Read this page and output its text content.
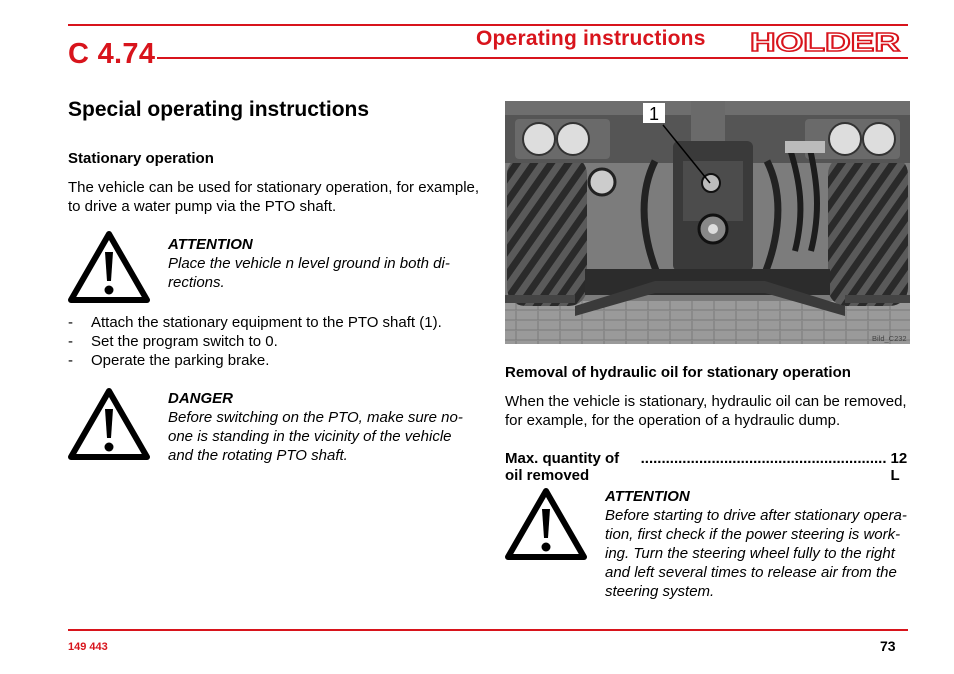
C 4.74	Operating instructions HOLDER
Special operating instructions
Stationary operation
The vehicle can be used for stationary operation, for example,
to drive a water pump via the PTO shaft.
ATTENTION
Place the vehicle n level ground in both di-
rections.
- Attach the stationary equipment to the PTO shaft (1).
- Set the program switch to 0.
- Operate the parking brake.
DANGER
Before switching on the PTO, make sure no-
one is standing in the vicinity of the vehicle
and the rotating PTO shaft.
1
Bild_C232
Removal of hydraulic oil for stationary operation
When the vehicle is stationary, hydraulic oil can be removed,
for example, for the operation of a hydraulic dump.
Max. quantity of oil removed
........................................................... 12 L
ATTENTION
Before starting to drive after stationary opera-
tion, first check if the power steering is work-
ing. Turn the steering wheel fully to the right
and left several times to release air from the
steering system.
149 443	73
